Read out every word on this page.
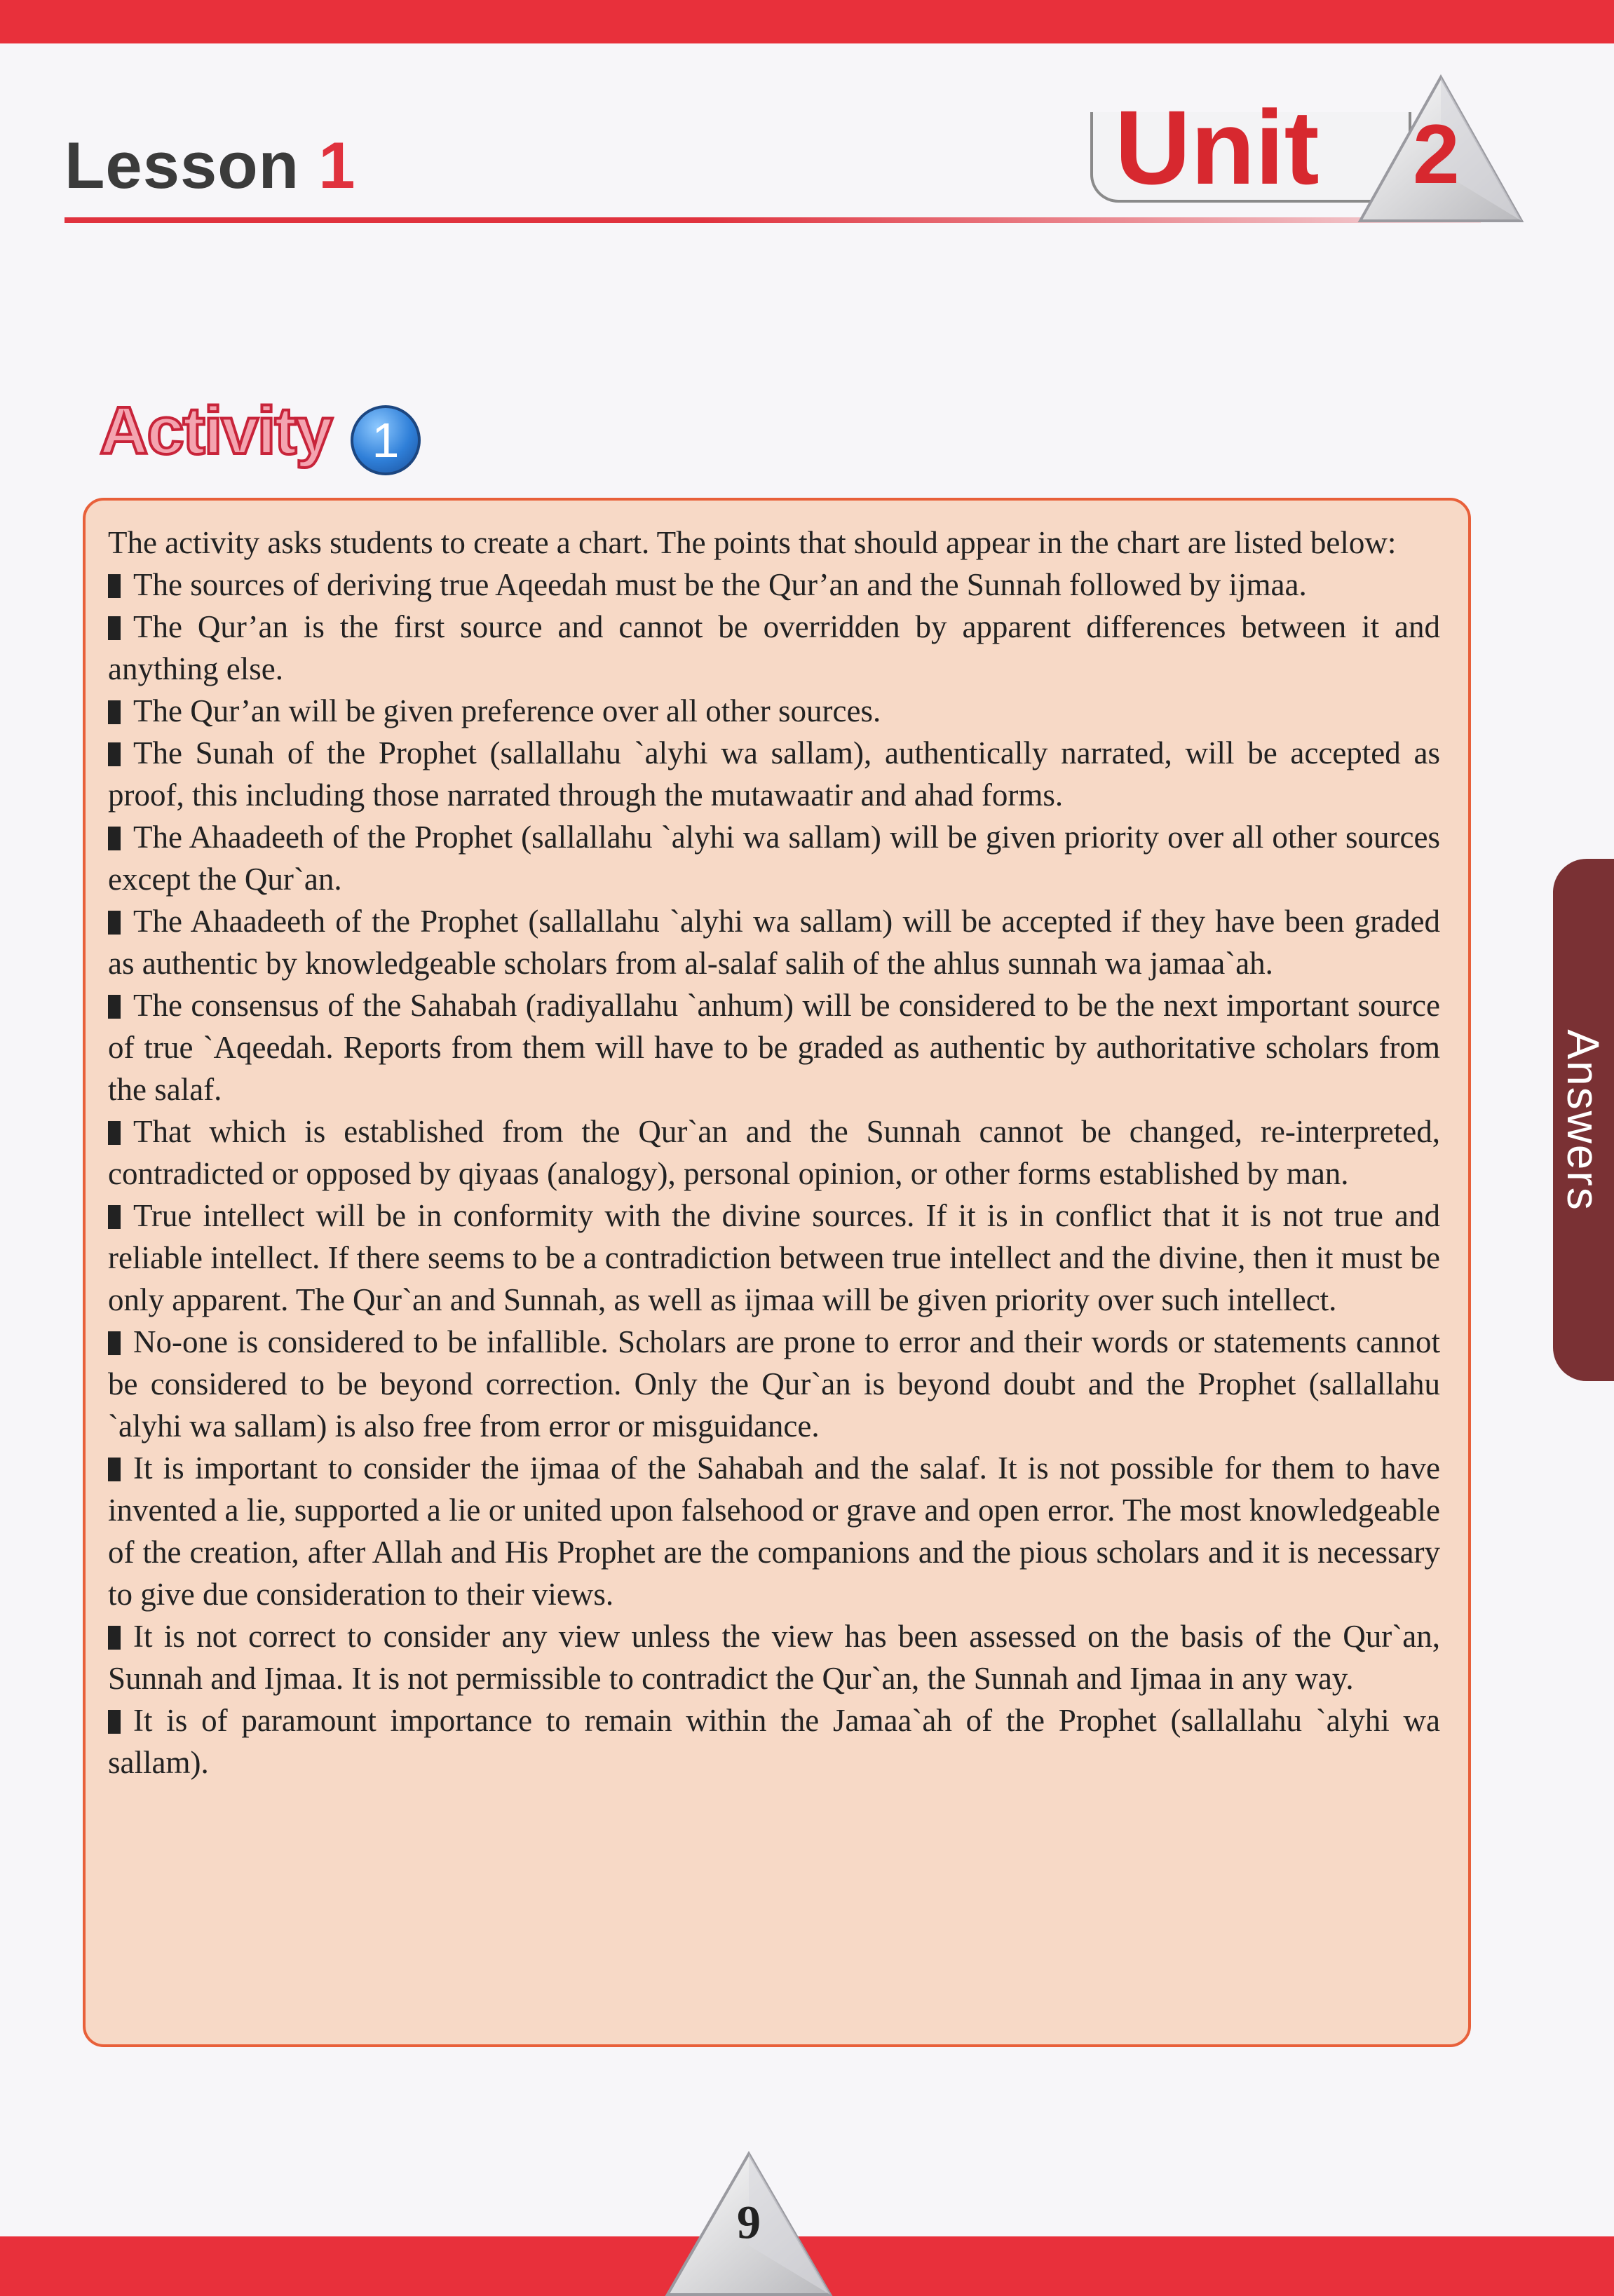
Lesson 1	Unit 2
Activity 1

The activity asks students to create a chart. The points that should appear in the chart are listed below:

The sources of deriving true Aqeedah must be the Qur’an and the Sunnah followed by ijmaa.

The Qur’an is the first source and cannot be overridden by apparent differences between it and anything else.

The Qur’an will be given preference over all other sources.

The Sunah of the Prophet (sallallahu `alyhi wa sallam), authentically narrated, will be accepted as proof, this including those narrated through the mutawaatir and ahad forms.

The Ahaadeeth of the Prophet (sallallahu `alyhi wa sallam) will be given priority over all other sources except the Qur`an.

The Ahaadeeth of the Prophet (sallallahu `alyhi wa sallam) will be accepted if they have been graded as authentic by knowledgeable scholars from al-salaf salih of the ahlus sunnah wa jamaa`ah.

The consensus of the Sahabah (radiyallahu `anhum) will be considered to be the next important source of true `Aqeedah. Reports from them will have to be graded as authentic by authoritative scholars from the salaf.

That which is established from the Qur`an and the Sunnah cannot be changed, re-interpreted, contradicted or opposed by qiyaas (analogy), personal opinion, or other forms established by man.

True intellect will be in conformity with the divine sources. If it is in conflict that it is not true and reliable intellect. If there seems to be a contradiction between true intellect and the divine, then it must be only apparent. The Qur`an and Sunnah, as well as ijmaa will be given priority over such intellect.

No-one is considered to be infallible. Scholars are prone to error and their words or statements cannot be considered to be beyond correction. Only the Qur`an is beyond doubt and the Prophet (sallallahu `alyhi wa sallam) is also free from error or misguidance.

It is important to consider the ijmaa of the Sahabah and the salaf. It is not possible for them to have invented a lie, supported a lie or united upon falsehood or grave and open error. The most knowledgeable of the creation, after Allah and His Prophet are the companions and the pious scholars and it is necessary to give due consideration to their views.

It is not correct to consider any view unless the view has been assessed on the basis of the Qur`an, Sunnah and Ijmaa. It is not permissible to contradict the Qur`an, the Sunnah and Ijmaa in any way.

It is of paramount importance to remain within the Jamaa`ah of the Prophet (sallallahu `alyhi wa sallam).

Answers
9
